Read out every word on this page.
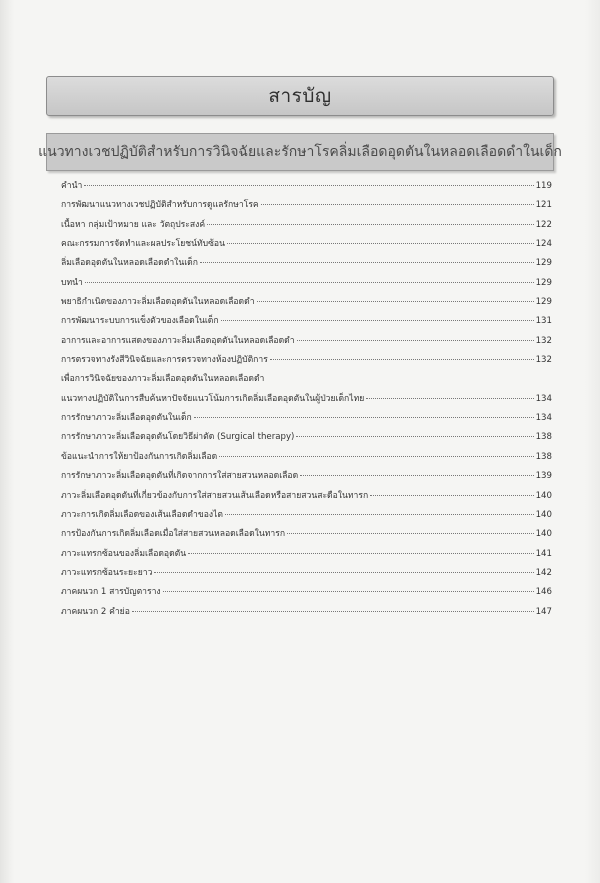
สารบัญ
แนวทางเวชปฏิบัติสำหรับการวินิจฉัยและรักษาโรคลิ่มเลือดอุดตันในหลอดเลือดดำในเด็ก
คำนำ	119
การพัฒนาแนวทางเวชปฏิบัติสำหรับการดูแลรักษาโรค	121
เนื้อหา กลุ่มเป้าหมาย และ วัตถุประสงค์	122
คณะกรรมการจัดทำและผลประโยชน์ทับซ้อน	124
ลิ่มเลือดอุดตันในหลอดเลือดดำในเด็ก	129
บทนำ	129
พยาธิกำเนิดของภาวะลิ่มเลือดอุดตันในหลอดเลือดดำ	129
การพัฒนาระบบการแข็งตัวของเลือดในเด็ก	131
อาการและอาการแสดงของภาวะลิ่มเลือดอุดตันในหลอดเลือดดำ	132
การตรวจทางรังสีวินิจฉัยและการตรวจทางห้องปฏิบัติการ	132
เพื่อการวินิจฉัยของภาวะลิ่มเลือดอุดตันในหลอดเลือดดำ
แนวทางปฏิบัติในการสืบค้นหาปัจจัยแนวโน้มการเกิดลิ่มเลือดอุดตันในผู้ป่วยเด็กไทย	134
การรักษาภาวะลิ่มเลือดอุดตันในเด็ก	134
การรักษาภาวะลิ่มเลือดอุดตันโดยวิธีผ่าตัด (Surgical therapy)	138
ข้อแนะนำการให้ยาป้องกันการเกิดลิ่มเลือด	138
การรักษาภาวะลิ่มเลือดอุดตันที่เกิดจากการใส่สายสวนหลอดเลือด	139
ภาวะลิ่มเลือดอุดตันที่เกี่ยวข้องกับการใส่สายสวนเส้นเลือดหรือสายสวนสะดือในทารก	140
ภาวะการเกิดลิ่มเลือดของเส้นเลือดดำของไต	140
การป้องกันการเกิดลิ่มเลือดเมื่อใส่สายสวนหลอดเลือดในทารก	140
ภาวะแทรกซ้อนของลิ่มเลือดอุดตัน	141
ภาวะแทรกซ้อนระยะยาว	142
ภาคผนวก 1 สารบัญตาราง	146
ภาคผนวก 2 คำย่อ	147
